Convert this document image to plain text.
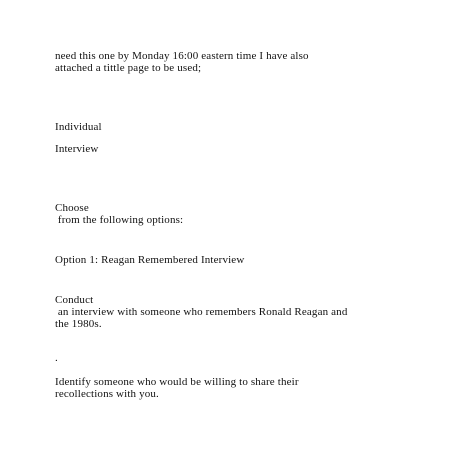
need this one by Monday 16:00 eastern time I have also

attached a tittle page to be used;

Individual

Interview

Choose

from the following options:

Option 1: Reagan Remembered Interview

Conduct

an interview with someone who remembers Ronald Reagan and

the 1980s.

.

Identify someone who would be willing to share their

recollections with you.
